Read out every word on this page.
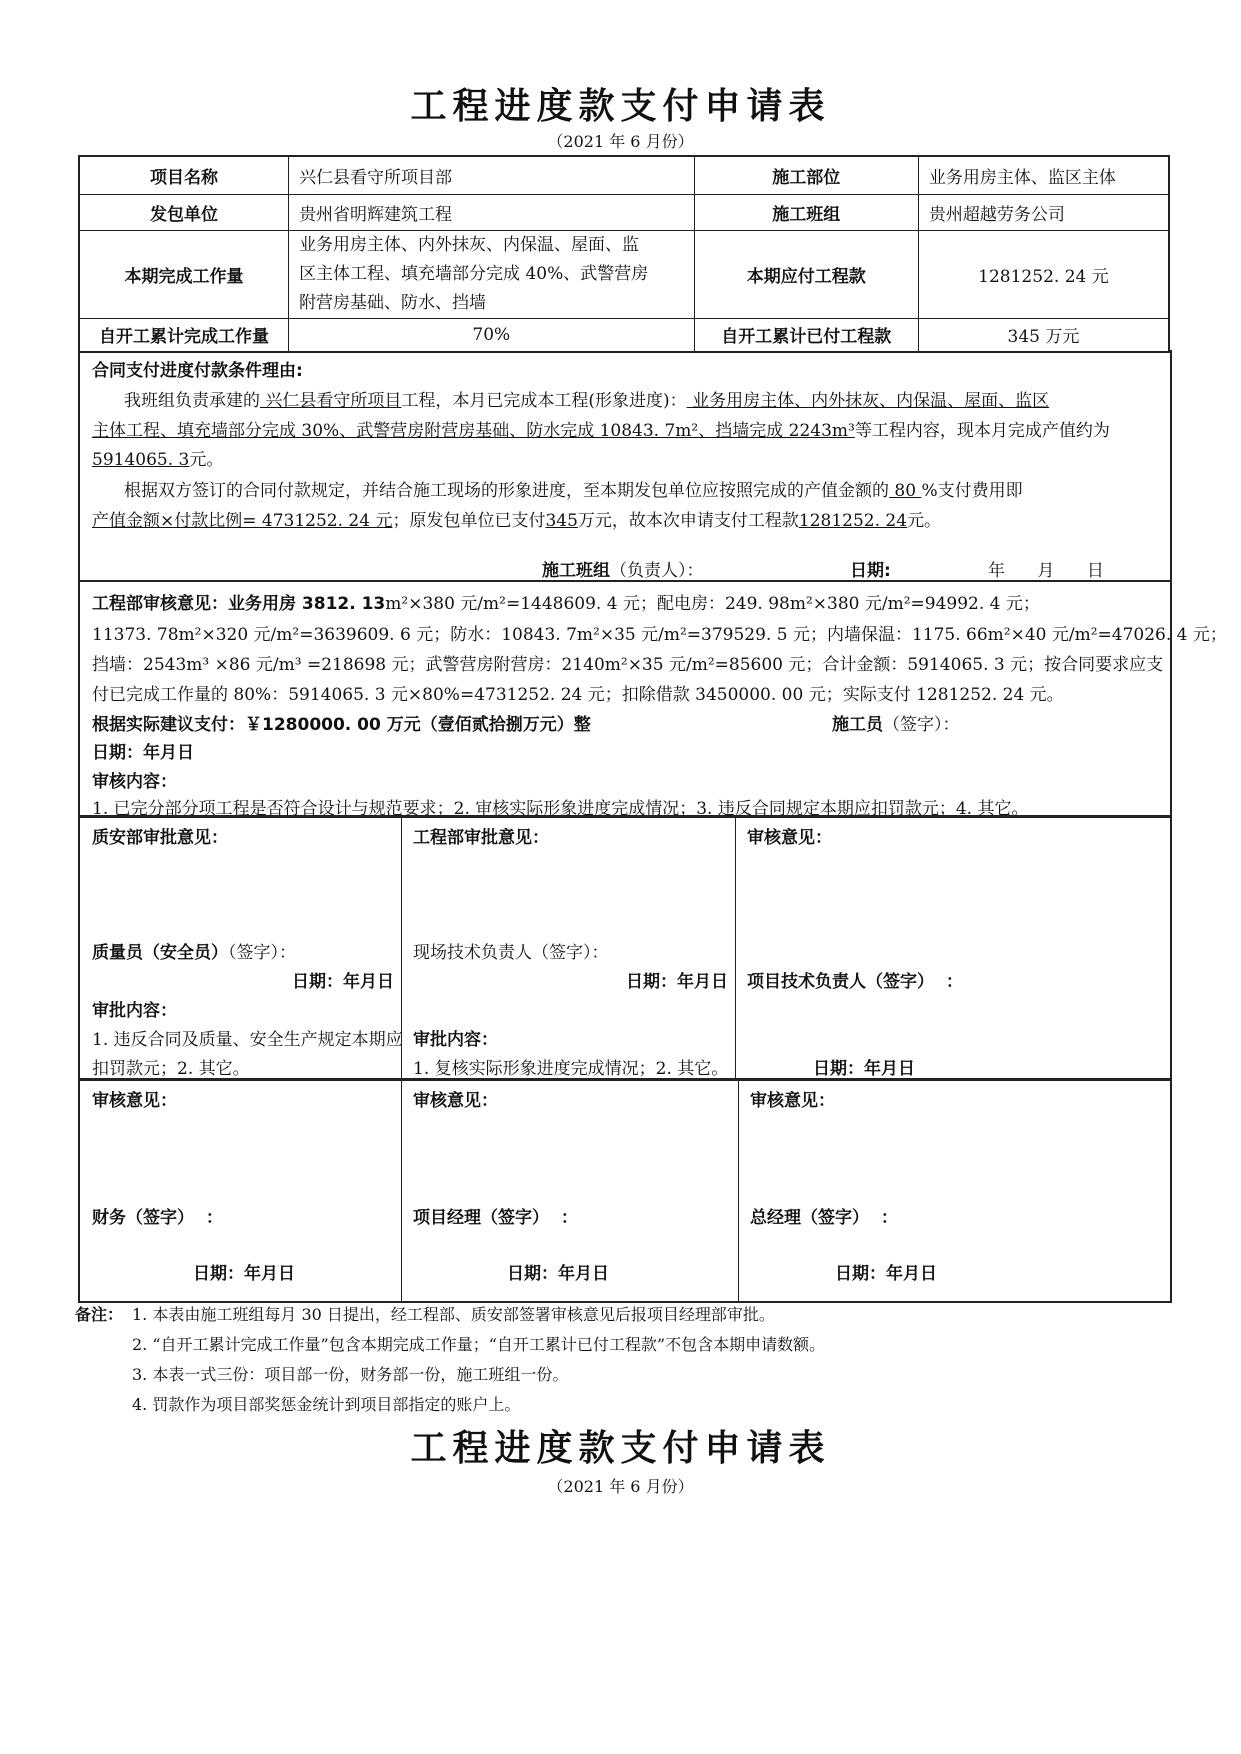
工程进度款支付申请表
（2021 年 6 月份）
项目名称	兴仁县看守所项目部	施工部位	业务用房主体、监区主体
发包单位	贵州省明辉建筑工程	施工班组	贵州超越劳务公司
本期完成工作量	业务用房主体、内外抹灰、内保温、屋面、监
区主体工程、填充墙部分完成 40%、武警营房
附营房基础、防水、挡墙	本期应付工程款	1281252. 24 元
自开工累计完成工作量	70%	自开工累计已付工程款	345 万元
合同支付进度付款条件理由:
我班组负责承建的 兴仁县看守所项目工程，本月已完成本工程(形象进度)： 业务用房主体、内外抹灰、内保温、屋面、监区
主体工程、填充墙部分完成 30%、武警营房附营房基础、防水完成 10843. 7m²、挡墙完成 2243m³等工程内容，现本月完成产值约为
5914065. 3元。
根据双方签订的合同付款规定，并结合施工现场的形象进度，至本期发包单位应按照完成的产值金额的 80 %支付费用即
产值金额×付款比例= 4731252. 24 元；原发包单位已支付345万元，故本次申请支付工程款1281252. 24元。
施工班组（负责人）：	日期:	年      月      日
工程部审核意见：业务用房 3812. 13m²×380 元/m²=1448609. 4 元；配电房：249. 98m²×380 元/m²=94992. 4 元；
11373. 78m²×320 元/m²=3639609. 6 元；防水：10843. 7m²×35 元/m²=379529. 5 元；内墙保温：1175. 66m²×40 元/m²=47026. 4 元；
挡墙：2543m³ ×86 元/m³ =218698 元；武警营房附营房：2140m²×35 元/m²=85600 元；合计金额：5914065. 3 元；按合同要求应支
付已完成工作量的 80%：5914065. 3 元×80%=4731252. 24 元；扣除借款 3450000. 00 元；实际支付 1281252. 24 元。
根据实际建议支付：￥1280000. 00 万元（壹佰贰拾捌万元）整	施工员（签字）：
日期：年月日
审核内容：
1. 已完分部分项工程是否符合设计与规范要求；2. 审核实际形象进度完成情况；3. 违反合同规定本期应扣罚款元；4. 其它。
质安部审批意见：
质量员（安全员）（签字）：
日期：年月日
审批内容：
1. 违反合同及质量、安全生产规定本期应
扣罚款元；2. 其它。
工程部审批意见：
现场技术负责人（签字）：
日期：年月日
审批内容：
1. 复核实际形象进度完成情况；2. 其它。
审核意见：
项目技术负责人（签字）  ：
日期：年月日
审核意见：
财务（签字）  ：
日期：年月日
审核意见：
项目经理（签字）  ：
日期：年月日
审核意见：
总经理（签字）  ：
日期：年月日
备注： 1. 本表由施工班组每月 30 日提出，经工程部、质安部签署审核意见后报项目经理部审批。
2. “自开工累计完成工作量”包含本期完成工作量；“自开工累计已付工程款”不包含本期申请数额。
3. 本表一式三份：项目部一份，财务部一份，施工班组一份。
4. 罚款作为项目部奖惩金统计到项目部指定的账户上。
工程进度款支付申请表
（2021 年 6 月份）
